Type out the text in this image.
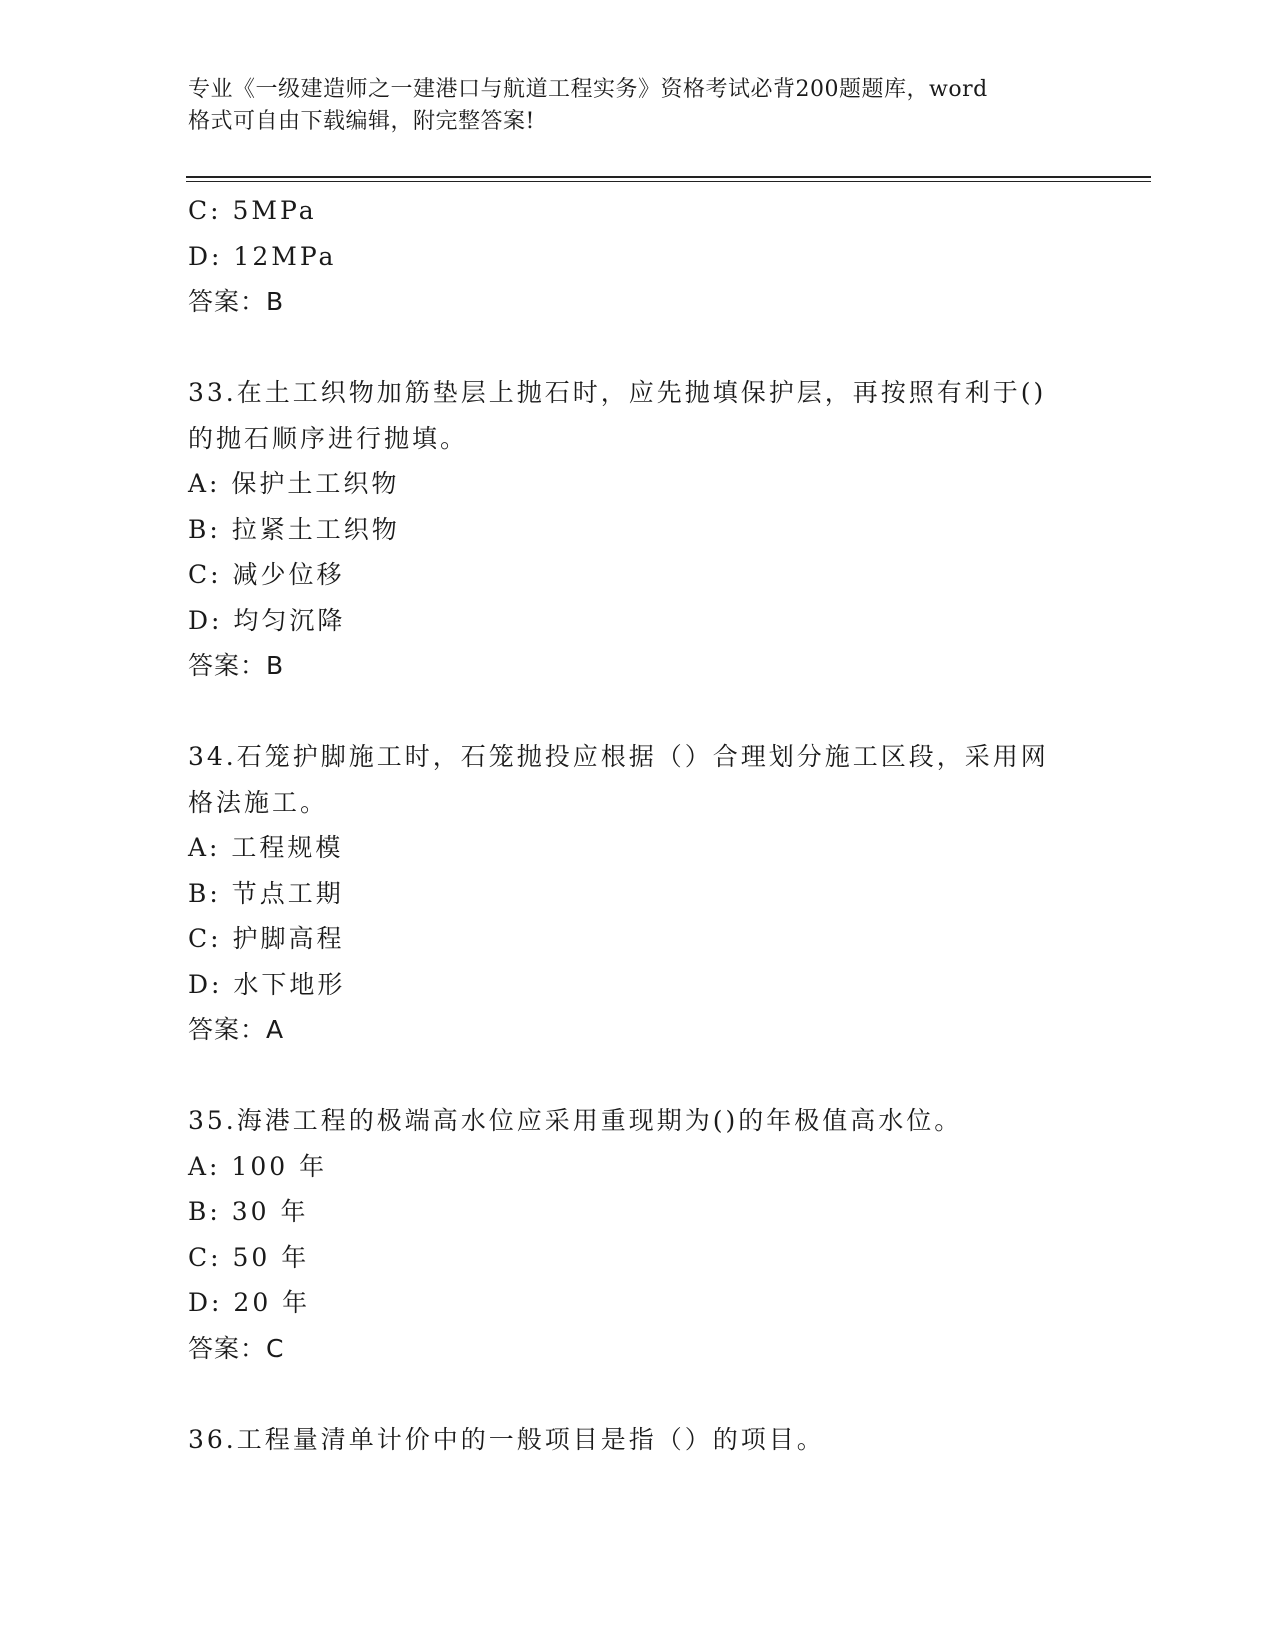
专业《一级建造师之一建港口与航道工程实务》资格考试必背200题题库，word
格式可自由下载编辑，附完整答案!
C: 5MPa
D: 12MPa
答案：B
33.在土工织物加筋垫层上抛石时，应先抛填保护层，再按照有利于()
的抛石顺序进行抛填。
A: 保护土工织物
B: 拉紧土工织物
C: 减少位移
D: 均匀沉降
答案：B
34.石笼护脚施工时，石笼抛投应根据（）合理划分施工区段，采用网
格法施工。
A: 工程规模
B: 节点工期
C: 护脚高程
D: 水下地形
答案：A
35.海港工程的极端高水位应采用重现期为()的年极值高水位。
A: 100 年
B: 30 年
C: 50 年
D: 20 年
答案：C
36.工程量清单计价中的一般项目是指（）的项目。
